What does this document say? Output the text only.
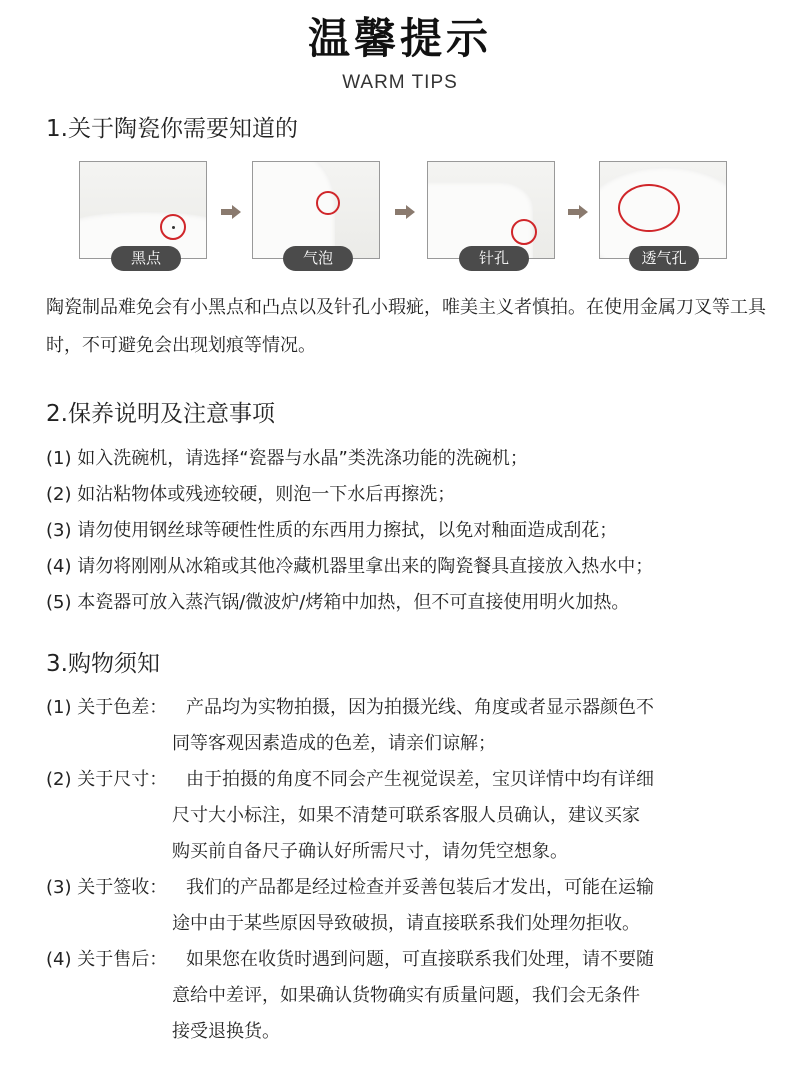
温馨提示
WARM TIPS
1.关于陶瓷你需要知道的
黑点	气泡	针孔	透气孔
陶瓷制品难免会有小黑点和凸点以及针孔小瑕疵，唯美主义者慎拍。在使用金属刀叉等工具时，不可避免会出现划痕等情况。
2.保养说明及注意事项
(1) 如入洗碗机，请选择“瓷器与水晶”类洗涤功能的洗碗机；
(2) 如沾粘物体或残迹较硬，则泡一下水后再擦洗；
(3) 请勿使用钢丝球等硬性性质的东西用力擦拭，以免对釉面造成刮花；
(4) 请勿将刚刚从冰箱或其他冷藏机器里拿出来的陶瓷餐具直接放入热水中；
(5) 本瓷器可放入蒸汽锅/微波炉/烤箱中加热，但不可直接使用明火加热。
3.购物须知
(1) 关于色差： 产品均为实物拍摄，因为拍摄光线、角度或者显示器颜色不
同等客观因素造成的色差，请亲们谅解；
(2) 关于尺寸： 由于拍摄的角度不同会产生视觉误差，宝贝详情中均有详细
尺寸大小标注，如果不清楚可联系客服人员确认，建议买家
购买前自备尺子确认好所需尺寸，请勿凭空想象。
(3) 关于签收： 我们的产品都是经过检查并妥善包装后才发出，可能在运输
途中由于某些原因导致破损，请直接联系我们处理勿拒收。
(4) 关于售后： 如果您在收货时遇到问题，可直接联系我们处理，请不要随
意给中差评，如果确认货物确实有质量问题，我们会无条件
接受退换货。
